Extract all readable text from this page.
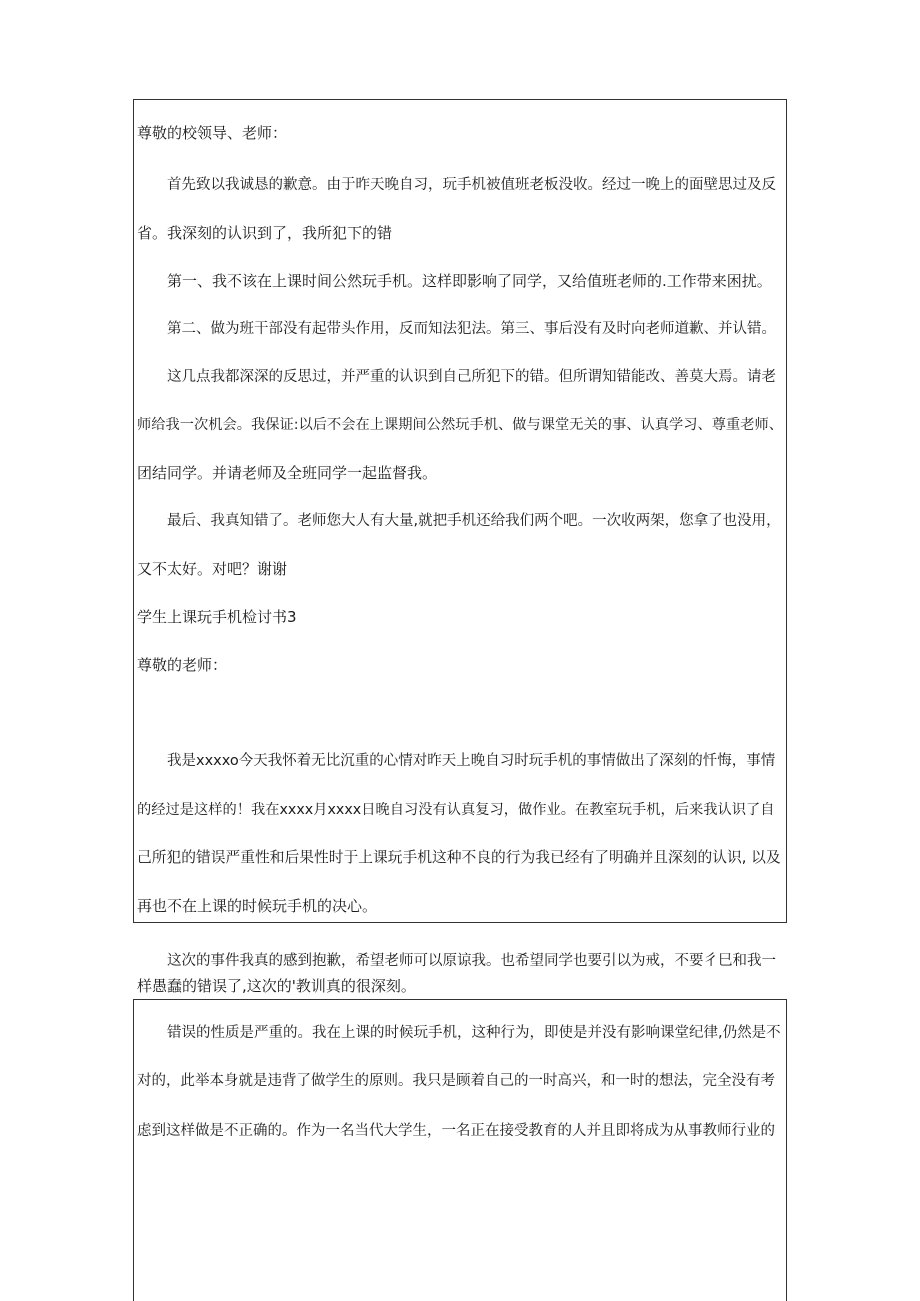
尊敬的校领导、老师：

首先致以我诚恳的歉意。由于昨天晚自习，玩手机被值班老板没收。经过一晚上的面壁思过及反

省。我深刻的认识到了，我所犯下的错

第一、我不该在上课时间公然玩手机。这样即影响了同学，又给值班老师的.工作带来困扰。

第二、做为班干部没有起带头作用，反而知法犯法。第三、事后没有及时向老师道歉、并认错。

这几点我都深深的反思过，并严重的认识到自己所犯下的错。但所谓知错能改、善莫大焉。请老

师给我一次机会。我保证:以后不会在上课期间公然玩手机、做与课堂无关的事、认真学习、尊重老师、

团结同学。并请老师及全班同学一起监督我。

最后、我真知错了。老师您大人有大量,就把手机还给我们两个吧。一次收两架，您拿了也没用，

又不太好。对吧？谢谢

学生上课玩手机检讨书3

尊敬的老师：

我是xxxxo今天我怀着无比沉重的心情对昨天上晚自习时玩手机的事情做出了深刻的忏悔，事情

的经过是这样的！我在xxxx月xxxx日晚自习没有认真复习，做作业。在教室玩手机，后来我认识了自

己所犯的错误严重性和后果性时于上课玩手机这种不良的行为我已经有了明确并且深刻的认识, 以及

再也不在上课的时候玩手机的决心。

这次的事件我真的感到抱歉，希望老师可以原谅我。也希望同学也要引以为戒，不要彳巳和我一

样愚蠢的错误了,这次的'教训真的很深刻。

错误的性质是严重的。我在上课的时候玩手机，这种行为，即使是并没有影响课堂纪律,仍然是不

对的，此举本身就是违背了做学生的原则。我只是顾着自己的一时高兴，和一时的想法，完全没有考

虑到这样做是不正确的。作为一名当代大学生，一名正在接受教育的人并且即将成为从事教师行业的
